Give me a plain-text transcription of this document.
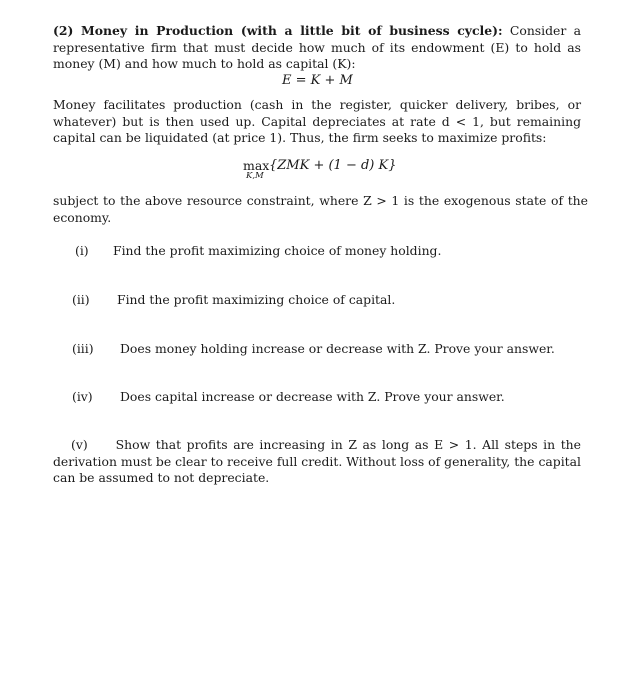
(2) Money in Production (with a little bit of business cycle): Consider a representative firm that must decide how much of its endowment (E) to hold as money (M) and how much to hold as capital (K):
E = K + M
Money facilitates production (cash in the register, quicker delivery, bribes, or whatever) but is then used up. Capital depreciates at rate d < 1, but remaining capital can be liquidated (at price 1). Thus, the firm seeks to maximize profits:
max
K,M
{ZMK + (1 − d) K}
subject to the above resource constraint, where Z > 1 is the exogenous state of the economy.
(i) Find the profit maximizing choice of money holding.
(ii) Find the profit maximizing choice of capital.
(iii) Does money holding increase or decrease with Z. Prove your answer.
(iv) Does capital increase or decrease with Z. Prove your answer.
(v) Show that profits are increasing in Z as long as E > 1. All steps in the derivation must be clear to receive full credit. Without loss of generality, the capital can be assumed to not depreciate.
